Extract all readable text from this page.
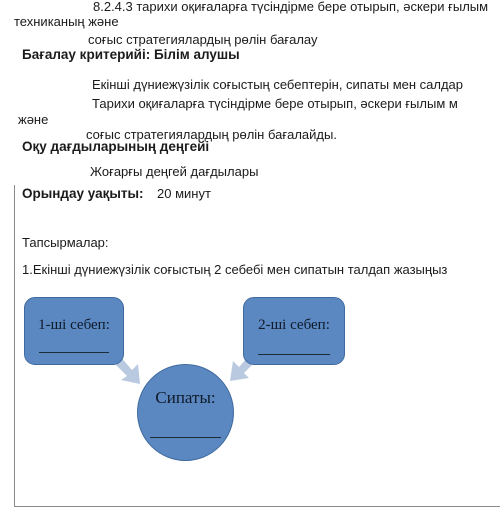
8.2.4.3 тарихи оқиғаларға түсіндірме бере отырып, әскери ғылым
техниканың және
соғыс стратегиялардың рөлін бағалау
Бағалау критерийі: Білім алушы
Екінші дүниежүзілік соғыстың себептерін, сипаты мен салдар
Тарихи оқиғаларға түсіндірме бере отырып, әскери ғылым м
және
соғыс стратегиялардың рөлін бағалайды.
Оқу дағдыларының деңгейі
Жоғарғы деңгей дағдылары
Орындау уақыты: 20 минут
Тапсырмалар:
1.Екінші дүниежүзілік соғыстың 2 себебі мен сипатын талдап жазыңыз
1-ші себеп:	2-ші себеп:
Сипаты:
